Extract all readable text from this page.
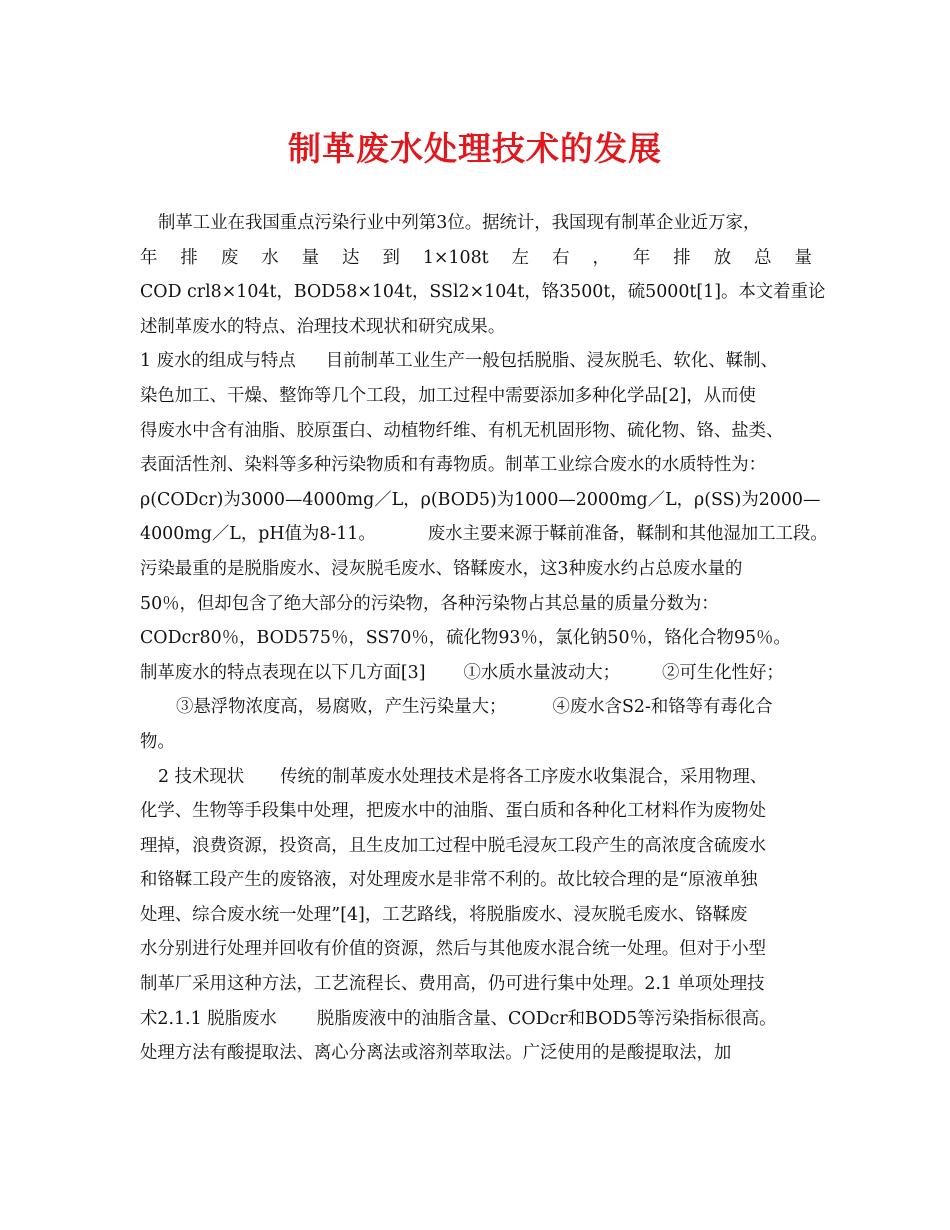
制革废水处理技术的发展
制革工业在我国重点污染行业中列第3位。据统计，我国现有制革企业近万家，
年 排 废 水 量 达 到 1×108t 左 右 ， 年 排 放 总 量
COD crl8×104t，BOD58×104t，SSl2×104t，铬3500t，硫5000t[1]。本文着重论
述制革废水的特点、治理技术现状和研究成果。
1 废水的组成与特点 目前制革工业生产一般包括脱脂、浸灰脱毛、软化、鞣制、
染色加工、干燥、整饰等几个工段，加工过程中需要添加多种化学品[2]，从而使
得废水中含有油脂、胶原蛋白、动植物纤维、有机无机固形物、硫化物、铬、盐类、
表面活性剂、染料等多种污染物质和有毒物质。制革工业综合废水的水质特性为：
ρ(CODcr)为3000—4000mg／L，ρ(BOD5)为1000—2000mg／L，ρ(SS)为2000—
4000mg／L，pH值为8-11。	废水主要来源于鞣前准备，鞣制和其他湿加工工段。
污染最重的是脱脂废水、浸灰脱毛废水、铬鞣废水，这3种废水约占总废水量的
50％，但却包含了绝大部分的污染物，各种污染物占其总量的质量分数为：
CODcr80％，BOD575％，SS70％，硫化物93％，氯化钠50％，铬化合物95％。
制革废水的特点表现在以下几方面[3] ①水质水量波动大； ②可生化性好；
③悬浮物浓度高，易腐败，产生污染量大；	④废水含S2-和铬等有毒化合
物。
2 技术现状 传统的制革废水处理技术是将各工序废水收集混合，采用物理、
化学、生物等手段集中处理，把废水中的油脂、蛋白质和各种化工材料作为废物处
理掉，浪费资源，投资高，且生皮加工过程中脱毛浸灰工段产生的高浓度含硫废水
和铬鞣工段产生的废铬液，对处理废水是非常不利的。故比较合理的是“原液单独
处理、综合废水统一处理”[4]，工艺路线，将脱脂废水、浸灰脱毛废水、铬鞣废
水分别进行处理并回收有价值的资源，然后与其他废水混合统一处理。但对于小型
制革厂采用这种方法，工艺流程长、费用高，仍可进行集中处理。2.1 单项处理技
术2.1.1 脱脂废水 脱脂废液中的油脂含量、CODcr和BOD5等污染指标很高。
处理方法有酸提取法、离心分离法或溶剂萃取法。广泛使用的是酸提取法，加
